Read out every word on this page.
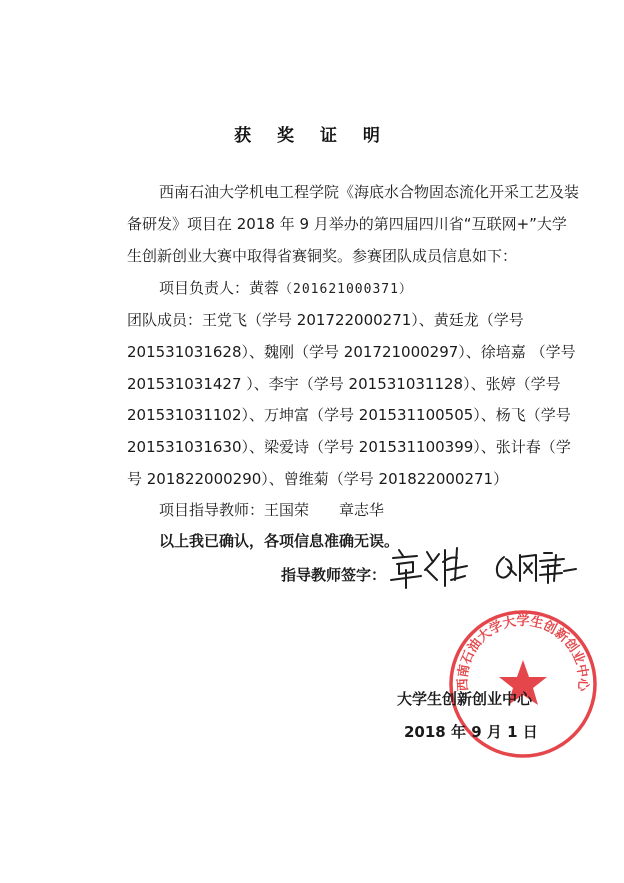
获 奖 证 明
西南石油大学机电工程学院《海底水合物固态流化开采工艺及装
备研发》项目在 2018 年 9 月举办的第四届四川省“互联网+”大学
生创新创业大赛中取得省赛铜奖。参赛团队成员信息如下：
项目负责人：黄蓉（201621000371）
团队成员：王党飞（学号 201722000271）、黄廷龙（学号
201531031628）、魏刚（学号 201721000297）、徐培嘉 （学号
201531031427 ）、李宇（学号 201531031128）、张婷（学号
201531031102）、万坤富（学号 201531100505）、杨飞（学号
201531031630）、梁爱诗（学号 201531100399）、张计春（学
号 201822000290）、曾维菊（学号 201822000271）
项目指导教师：王国荣　　章志华
以上我已确认，各项信息准确无误。
指导教师签字：
西南石油大学大学生创新创业中心
大学生创新创业中心
2018 年 9 月 1 日
